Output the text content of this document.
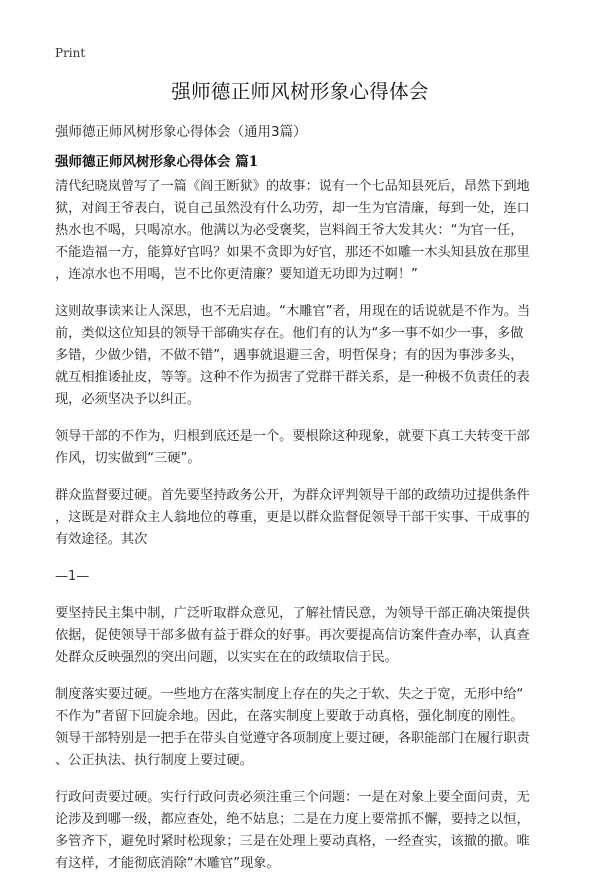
Print
强师德正师风树形象心得体会
强师德正师风树形象心得体会（通用3篇）
强师德正师风树形象心得体会 篇1

清代纪晓岚曾写了一篇《阎王断狱》的故事：说有一个七品知县死后，昂然下到地
狱，对阎王爷表白，说自己虽然没有什么功劳，却一生为官清廉，每到一处，连口
热水也不喝，只喝凉水。他满以为必受褒奖，岂料阎王爷大发其火：“为官一任，
不能造福一方，能算好官吗？如果不贪即为好官，那还不如雕一木头知县放在那里
，连凉水也不用喝，岂不比你更清廉？要知道无功即为过啊！”

这则故事读来让人深思，也不无启迪。“木雕官”者，用现在的话说就是不作为。当
前，类似这位知县的领导干部确实存在。他们有的认为“多一事不如少一事，多做
多错，少做少错，不做不错”，遇事就退避三舍，明哲保身；有的因为事涉多头，
就互相推诿扯皮，等等。这种不作为损害了党群干群关系，是一种极不负责任的表
现，必须坚决予以纠正。

领导干部的不作为，归根到底还是一个。要根除这种现象，就要下真工夫转变干部
作风，切实做到“三硬”。

群众监督要过硬。首先要坚持政务公开，为群众评判领导干部的政绩功过提供条件
，这既是对群众主人翁地位的尊重，更是以群众监督促领导干部干实事、干成事的
有效途径。其次

—1—

要坚持民主集中制，广泛听取群众意见，了解社情民意，为领导干部正确决策提供
依据，促使领导干部多做有益于群众的好事。再次要提高信访案件查办率，认真查
处群众反映强烈的突出问题，以实实在在的政绩取信于民。

制度落实要过硬。一些地方在落实制度上存在的失之于软、失之于宽，无形中给“
不作为”者留下回旋余地。因此，在落实制度上要敢于动真格，强化制度的刚性。
领导干部特别是一把手在带头自觉遵守各项制度上要过硬，各职能部门在履行职责
、公正执法、执行制度上要过硬。

行政问责要过硬。实行行政问责必须注重三个问题：一是在对象上要全面问责，无
论涉及到哪一级，都应查处，绝不姑息；二是在力度上要常抓不懈，要持之以恒，
多管齐下，避免时紧时松现象；三是在处理上要动真格，一经查实，该撤的撤。唯
有这样，才能彻底消除“木雕官”现象。
